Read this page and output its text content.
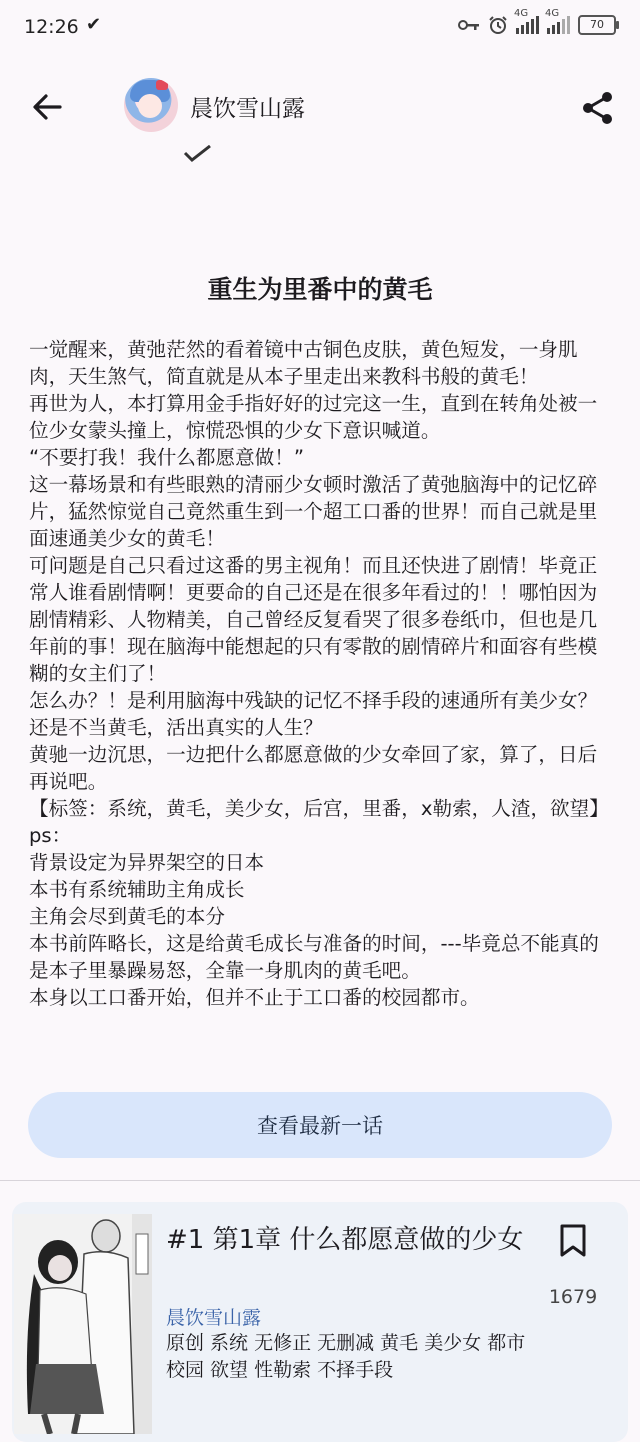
12:26 ✔
4G 4G
70
晨饮雪山露
重生为里番中的黄毛

一觉醒来，黄弛茫然的看着镜中古铜色皮肤，黄色短发，一身肌肉，天生煞气，简直就是从本子里走出来教科书般的黄毛！

再世为人，本打算用金手指好好的过完这一生，直到在转角处被一位少女蒙头撞上，惊慌恐惧的少女下意识喊道。

“不要打我！我什么都愿意做！”

这一幕场景和有些眼熟的清丽少女顿时激活了黄弛脑海中的记忆碎片，猛然惊觉自己竟然重生到一个超工口番的世界！而自己就是里面速通美少女的黄毛！

可问题是自己只看过这番的男主视角！而且还快进了剧情！毕竟正常人谁看剧情啊！更要命的自己还是在很多年看过的！！哪怕因为剧情精彩、人物精美，自己曾经反复看哭了很多卷纸巾，但也是几年前的事！现在脑海中能想起的只有零散的剧情碎片和面容有些模糊的女主们了！

怎么办？！是利用脑海中残缺的记忆不择手段的速通所有美少女？还是不当黄毛，活出真实的人生？

黄驰一边沉思，一边把什么都愿意做的少女牵回了家，算了，日后再说吧。

【标签：系统，黄毛，美少女，后宫，里番，x勒索，人渣，欲望】

ps：

背景设定为异界架空的日本

本书有系统辅助主角成长

主角会尽到黄毛的本分

本书前阵略长，这是给黄毛成长与准备的时间，---毕竟总不能真的是本子里暴躁易怒，全靠一身肌肉的黄毛吧。

本身以工口番开始，但并不止于工口番的校园都市。

查看最新一话
#1 第1章 什么都愿意做的少女
晨饮雪山露
原创 系统 无修正 无删减 黄毛 美少女 都市校园 欲望 性勒索 不择手段
1679
